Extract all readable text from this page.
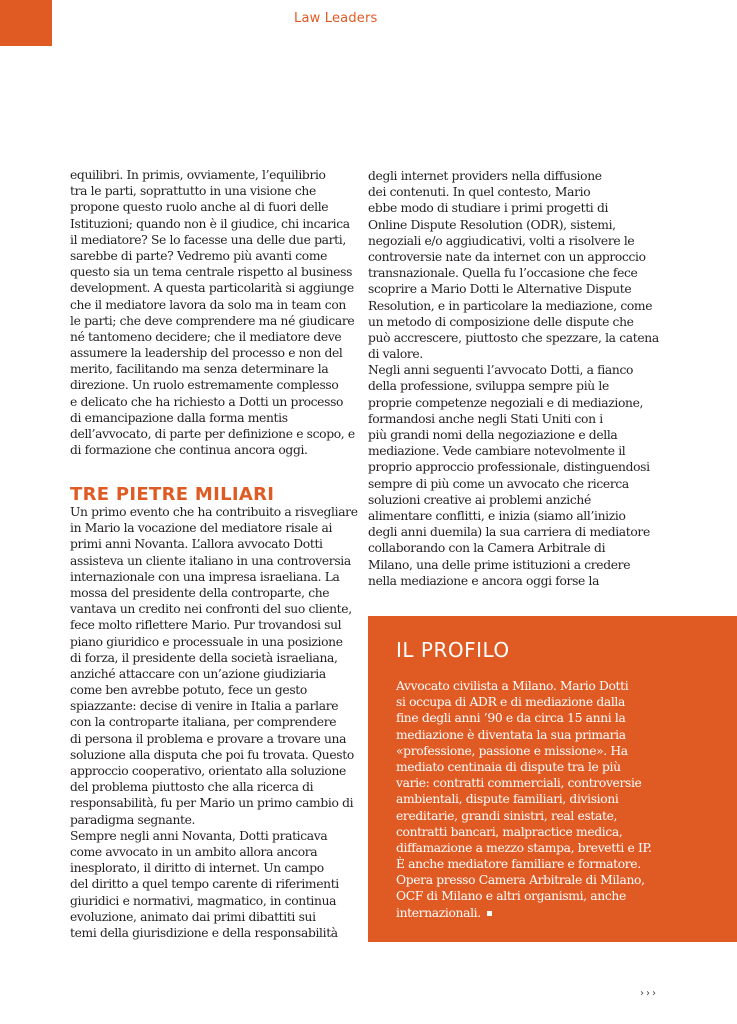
Law Leaders
equilibri. In primis, ovviamente, l’equilibrio
tra le parti, soprattutto in una visione che
propone questo ruolo anche al di fuori delle
Istituzioni; quando non è il giudice, chi incarica
il mediatore? Se lo facesse una delle due parti,
sarebbe di parte? Vedremo più avanti come
questo sia un tema centrale rispetto al business
development. A questa particolarità si aggiunge
che il mediatore lavora da solo ma in team con
le parti; che deve comprendere ma né giudicare
né tantomeno decidere; che il mediatore deve
assumere la leadership del processo e non del
merito, facilitando ma senza determinare la
direzione. Un ruolo estremamente complesso
e delicato che ha richiesto a Dotti un processo
di emancipazione dalla forma mentis
dell’avvocato, di parte per definizione e scopo, e
di formazione che continua ancora oggi.
TRE PIETRE MILIARI
Un primo evento che ha contribuito a risvegliare
in Mario la vocazione del mediatore risale ai
primi anni Novanta. L’allora avvocato Dotti
assisteva un cliente italiano in una controversia
internazionale con una impresa israeliana. La
mossa del presidente della controparte, che
vantava un credito nei confronti del suo cliente,
fece molto riflettere Mario. Pur trovandosi sul
piano giuridico e processuale in una posizione
di forza, il presidente della società israeliana,
anziché attaccare con un’azione giudiziaria
come ben avrebbe potuto, fece un gesto
spiazzante: decise di venire in Italia a parlare
con la controparte italiana, per comprendere
di persona il problema e provare a trovare una
soluzione alla disputa che poi fu trovata. Questo
approccio cooperativo, orientato alla soluzione
del problema piuttosto che alla ricerca di
responsabilità, fu per Mario un primo cambio di
paradigma segnante.
Sempre negli anni Novanta, Dotti praticava
come avvocato in un ambito allora ancora
inesplorato, il diritto di internet. Un campo
del diritto a quel tempo carente di riferimenti
giuridici e normativi, magmatico, in continua
evoluzione, animato dai primi dibattiti sui
temi della giurisdizione e della responsabilità
degli internet providers nella diffusione
dei contenuti. In quel contesto, Mario
ebbe modo di studiare i primi progetti di
Online Dispute Resolution (ODR), sistemi,
negoziali e/o aggiudicativi, volti a risolvere le
controversie nate da internet con un approccio
transnazionale. Quella fu l’occasione che fece
scoprire a Mario Dotti le Alternative Dispute
Resolution, e in particolare la mediazione, come
un metodo di composizione delle dispute che
può accrescere, piuttosto che spezzare, la catena
di valore.
Negli anni seguenti l’avvocato Dotti, a fianco
della professione, sviluppa sempre più le
proprie competenze negoziali e di mediazione,
formandosi anche negli Stati Uniti con i
più grandi nomi della negoziazione e della
mediazione. Vede cambiare notevolmente il
proprio approccio professionale, distinguendosi
sempre di più come un avvocato che ricerca
soluzioni creative ai problemi anziché
alimentare conflitti, e inizia (siamo all’inizio
degli anni duemila) la sua carriera di mediatore
collaborando con la Camera Arbitrale di
Milano, una delle prime istituzioni a credere
nella mediazione e ancora oggi forse la
IL PROFILO
Avvocato civilista a Milano. Mario Dotti
si occupa di ADR e di mediazione dalla
fine degli anni ’90 e da circa 15 anni la
mediazione è diventata la sua primaria
«professione, passione e missione». Ha
mediato centinaia di dispute tra le più
varie: contratti commerciali, controversie
ambientali, dispute familiari, divisioni
ereditarie, grandi sinistri, real estate,
contratti bancari, malpractice medica,
diffamazione a mezzo stampa, brevetti e IP.
È anche mediatore familiare e formatore.
Opera presso Camera Arbitrale di Milano,
OCF di Milano e altri organismi, anche
internazionali.
›››
